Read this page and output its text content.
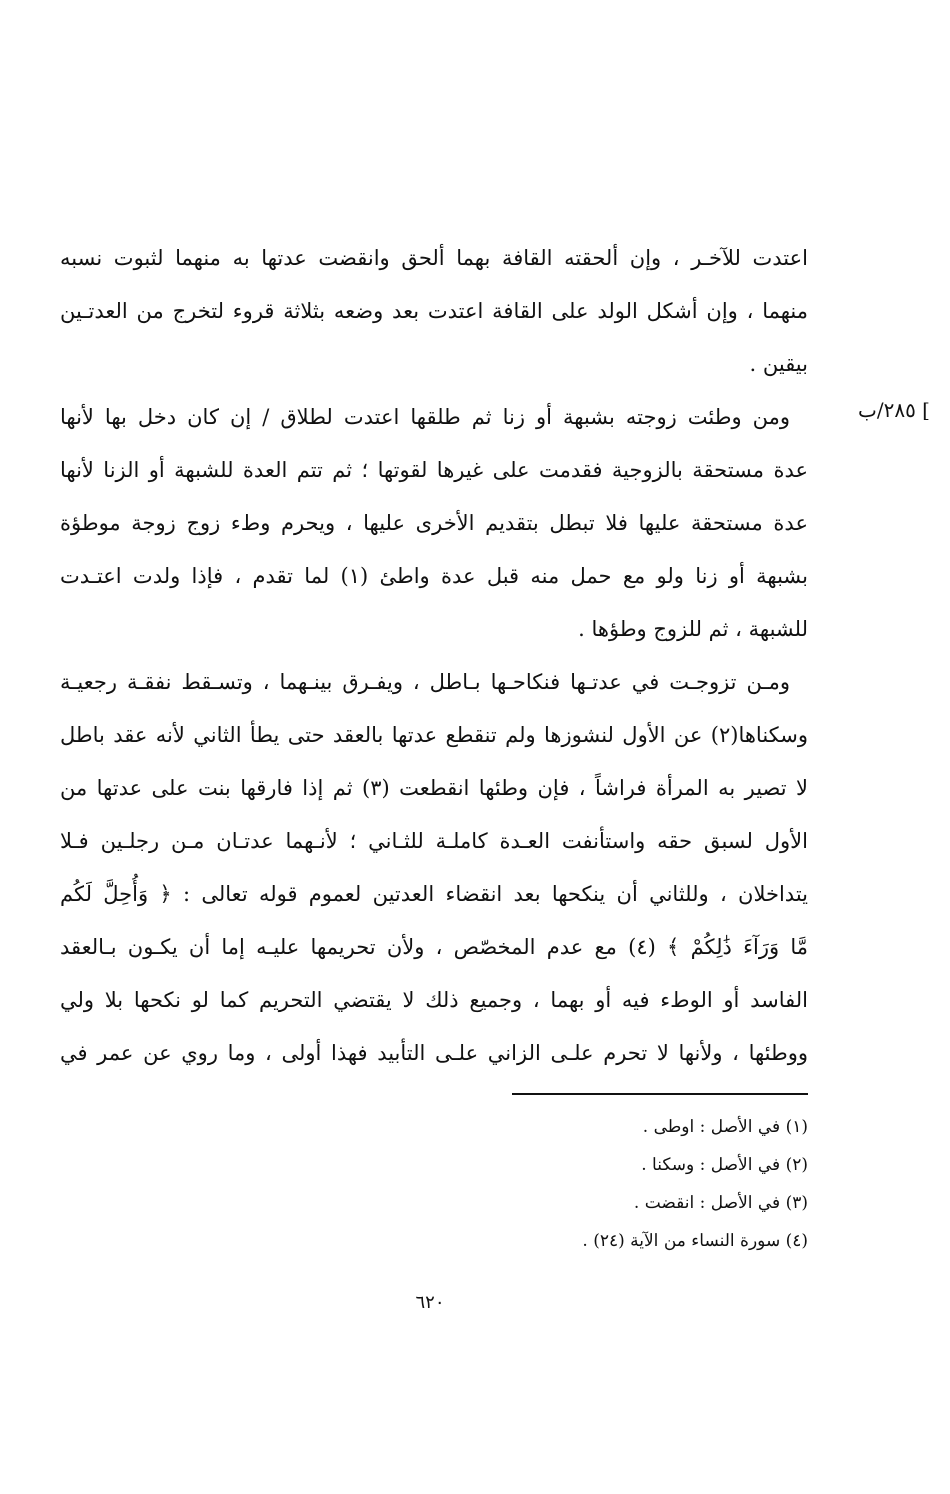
] ٢٨٥/ب
اعتدت للآخـر ، وإن ألحقته القافة بهما ألحق وانقضت عدتها به منهما لثبوت نسبه
منهما ، وإن أشكل الولد على القافة اعتدت بعد وضعه بثلاثة قروء لتخرج من العدتـين
بيقين .
ومن وطئت زوجته بشبهة أو زنا ثم طلقها اعتدت لطلاق / إن كان دخل بها لأنها
عدة مستحقة بالزوجية فقدمت على غيرها لقوتها ؛ ثم تتم العدة للشبهة أو الزنا لأنها
عدة مستحقة عليها فلا تبطل بتقديم الأخرى عليها ، ويحرم وطء زوج زوجة موطؤة
بشبهة أو زنا ولو مع حمل منه قبل عدة واطئ (١) لما تقدم ، فإذا ولدت اعتـدت
للشبهة ، ثم للزوج وطؤها .
ومـن تزوجـت في عدتـها فنكاحـها بـاطل ، ويفـرق بينـهما ، وتسـقط نفقـة رجعيـة
وسكناها(٢) عن الأول لنشوزها ولم تنقطع عدتها بالعقد حتى يطأ الثاني لأنه عقد باطل
لا تصير به المرأة فراشاً ، فإن وطئها انقطعت (٣) ثم إذا فارقها بنت على عدتها من
الأول لسبق حقه واستأنفت العـدة كاملـة للثـاني ؛ لأنـهما عدتـان مـن رجلـين فـلا
يتداخلان ، وللثاني أن ينكحها بعد انقضاء العدتين لعموم قوله تعالى : ﴿ وَأُحِلَّ لَكُم
مَّا وَرَآءَ ذَٰلِكُمْ ﴾ (٤) مع عدم المخصّص ، ولأن تحريمها عليـه إما أن يكـون بـالعقد
الفاسد أو الوطء فيه أو بهما ، وجميع ذلك لا يقتضي التحريم كما لو نكحها بلا ولي
ووطئها ، ولأنها لا تحرم علـى الزاني علـى التأبيد فهذا أولى ، وما روي عن عمر في
(١) في الأصل : اوطى .
(٢) في الأصل : وسكنا .
(٣) في الأصل : انقضت .
(٤) سورة النساء من الآية (٢٤) .
٦٢٠
